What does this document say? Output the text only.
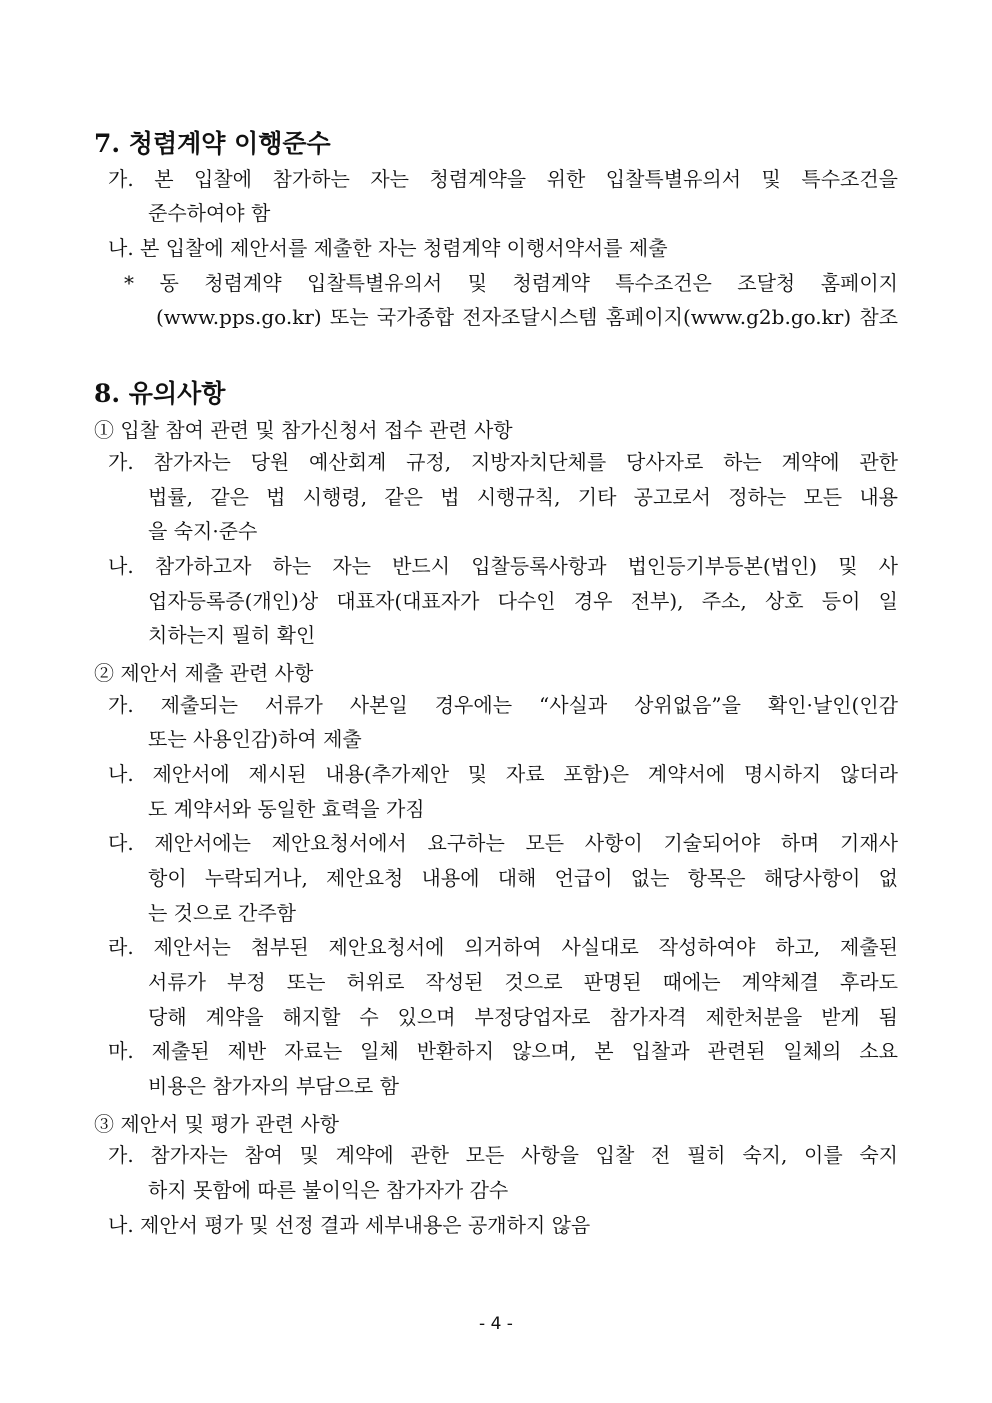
7. 청렴계약 이행준수
가. 본 입찰에 참가하는 자는 청렴계약을 위한 입찰특별유의서 및 특수조건을
준수하여야 함
나. 본 입찰에 제안서를 제출한 자는 청렴계약 이행서약서를 제출
* 동 청렴계약 입찰특별유의서 및 청렴계약 특수조건은 조달청 홈페이지
(www.pps.go.kr) 또는 국가종합 전자조달시스템 홈페이지(www.g2b.go.kr) 참조
8. 유의사항
① 입찰 참여 관련 및 참가신청서 접수 관련 사항
가. 참가자는 당원 예산회계 규정, 지방자치단체를 당사자로 하는 계약에 관한
법률, 같은 법 시행령, 같은 법 시행규칙, 기타 공고로서 정하는 모든 내용
을 숙지·준수
나. 참가하고자 하는 자는 반드시 입찰등록사항과 법인등기부등본(법인) 및 사
업자등록증(개인)상 대표자(대표자가 다수인 경우 전부), 주소, 상호 등이 일
치하는지 필히 확인
② 제안서 제출 관련 사항
가. 제출되는 서류가 사본일 경우에는 “사실과 상위없음”을 확인·날인(인감
또는 사용인감)하여 제출
나. 제안서에 제시된 내용(추가제안 및 자료 포함)은 계약서에 명시하지 않더라
도 계약서와 동일한 효력을 가짐
다. 제안서에는 제안요청서에서 요구하는 모든 사항이 기술되어야 하며 기재사
항이 누락되거나, 제안요청 내용에 대해 언급이 없는 항목은 해당사항이 없
는 것으로 간주함
라. 제안서는 첨부된 제안요청서에 의거하여 사실대로 작성하여야 하고, 제출된
서류가 부정 또는 허위로 작성된 것으로 판명된 때에는 계약체결 후라도
당해 계약을 해지할 수 있으며 부정당업자로 참가자격 제한처분을 받게 됨
마. 제출된 제반 자료는 일체 반환하지 않으며, 본 입찰과 관련된 일체의 소요
비용은 참가자의 부담으로 함
③ 제안서 및 평가 관련 사항
가. 참가자는 참여 및 계약에 관한 모든 사항을 입찰 전 필히 숙지, 이를 숙지
하지 못함에 따른 불이익은 참가자가 감수
나. 제안서 평가 및 선정 결과 세부내용은 공개하지 않음
- 4 -
